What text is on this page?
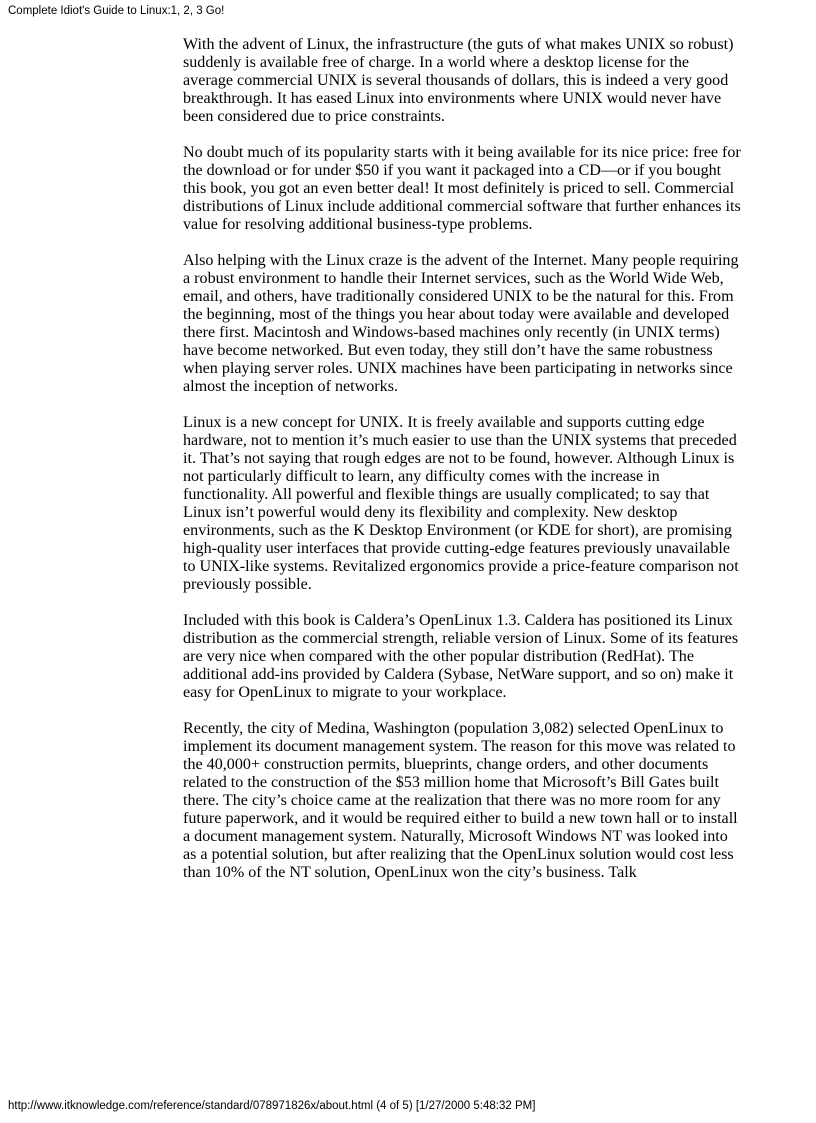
Complete Idiot's Guide to Linux:1, 2, 3 Go!

With the advent of Linux, the infrastructure (the guts of what makes UNIX so robust) suddenly is available free of charge. In a world where a desktop license for the average commercial UNIX is several thousands of dollars, this is indeed a very good breakthrough. It has eased Linux into environments where UNIX would never have been considered due to price constraints.

No doubt much of its popularity starts with it being available for its nice price: free for the download or for under $50 if you want it packaged into a CD—or if you bought this book, you got an even better deal! It most definitely is priced to sell. Commercial distributions of Linux include additional commercial software that further enhances its value for resolving additional business-type problems.

Also helping with the Linux craze is the advent of the Internet. Many people requiring a robust environment to handle their Internet services, such as the World Wide Web, email, and others, have traditionally considered UNIX to be the natural for this. From the beginning, most of the things you hear about today were available and developed there first. Macintosh and Windows-based machines only recently (in UNIX terms) have become networked. But even today, they still don’t have the same robustness when playing server roles. UNIX machines have been participating in networks since almost the inception of networks.

Linux is a new concept for UNIX. It is freely available and supports cutting edge hardware, not to mention it’s much easier to use than the UNIX systems that preceded it. That’s not saying that rough edges are not to be found, however. Although Linux is not particularly difficult to learn, any difficulty comes with the increase in functionality. All powerful and flexible things are usually complicated; to say that Linux isn’t powerful would deny its flexibility and complexity. New desktop environments, such as the K Desktop Environment (or KDE for short), are promising high-quality user interfaces that provide cutting-edge features previously unavailable to UNIX-like systems. Revitalized ergonomics provide a price-feature comparison not previously possible.

Included with this book is Caldera’s OpenLinux 1.3. Caldera has positioned its Linux distribution as the commercial strength, reliable version of Linux. Some of its features are very nice when compared with the other popular distribution (RedHat). The additional add-ins provided by Caldera (Sybase, NetWare support, and so on) make it easy for OpenLinux to migrate to your workplace.

Recently, the city of Medina, Washington (population 3,082) selected OpenLinux to implement its document management system. The reason for this move was related to the 40,000+ construction permits, blueprints, change orders, and other documents related to the construction of the $53 million home that Microsoft’s Bill Gates built there. The city’s choice came at the realization that there was no more room for any future paperwork, and it would be required either to build a new town hall or to install a document management system. Naturally, Microsoft Windows NT was looked into as a potential solution, but after realizing that the OpenLinux solution would cost less than 10% of the NT solution, OpenLinux won the city’s business. Talk

http://www.itknowledge.com/reference/standard/078971826x/about.html (4 of 5) [1/27/2000 5:48:32 PM]
